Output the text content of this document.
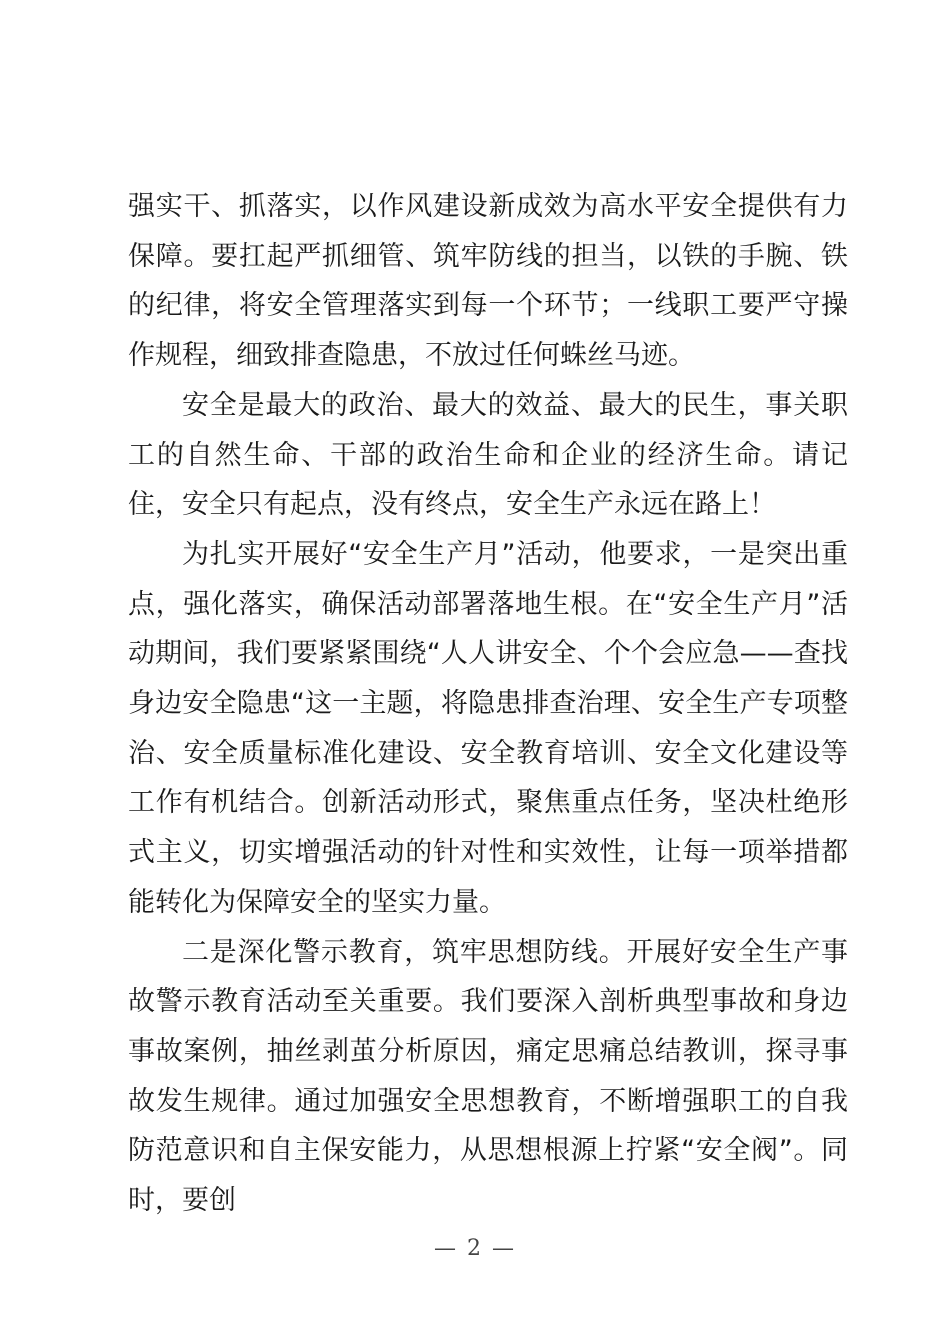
强实干、抓落实，以作风建设新成效为高水平安全提供有力保障。要扛起严抓细管、筑牢防线的担当，以铁的手腕、铁的纪律，将安全管理落实到每一个环节；一线职工要严守操作规程，细致排查隐患，不放过任何蛛丝马迹。

安全是最大的政治、最大的效益、最大的民生，事关职工的自然生命、干部的政治生命和企业的经济生命。请记住，安全只有起点，没有终点，安全生产永远在路上！

为扎实开展好“安全生产月”活动，他要求，一是突出重点，强化落实，确保活动部署落地生根。在“安全生产月”活动期间，我们要紧紧围绕“人人讲安全、个个会应急——查找身边安全隐患“这一主题，将隐患排查治理、安全生产专项整治、安全质量标准化建设、安全教育培训、安全文化建设等工作有机结合。创新活动形式，聚焦重点任务，坚决杜绝形式主义，切实增强活动的针对性和实效性，让每一项举措都能转化为保障安全的坚实力量。

二是深化警示教育，筑牢思想防线。开展好安全生产事故警示教育活动至关重要。我们要深入剖析典型事故和身边事故案例，抽丝剥茧分析原因，痛定思痛总结教训，探寻事故发生规律。通过加强安全思想教育，不断增强职工的自我防范意识和自主保安能力，从思想根源上拧紧“安全阀”。同时，要创

— 2 —
